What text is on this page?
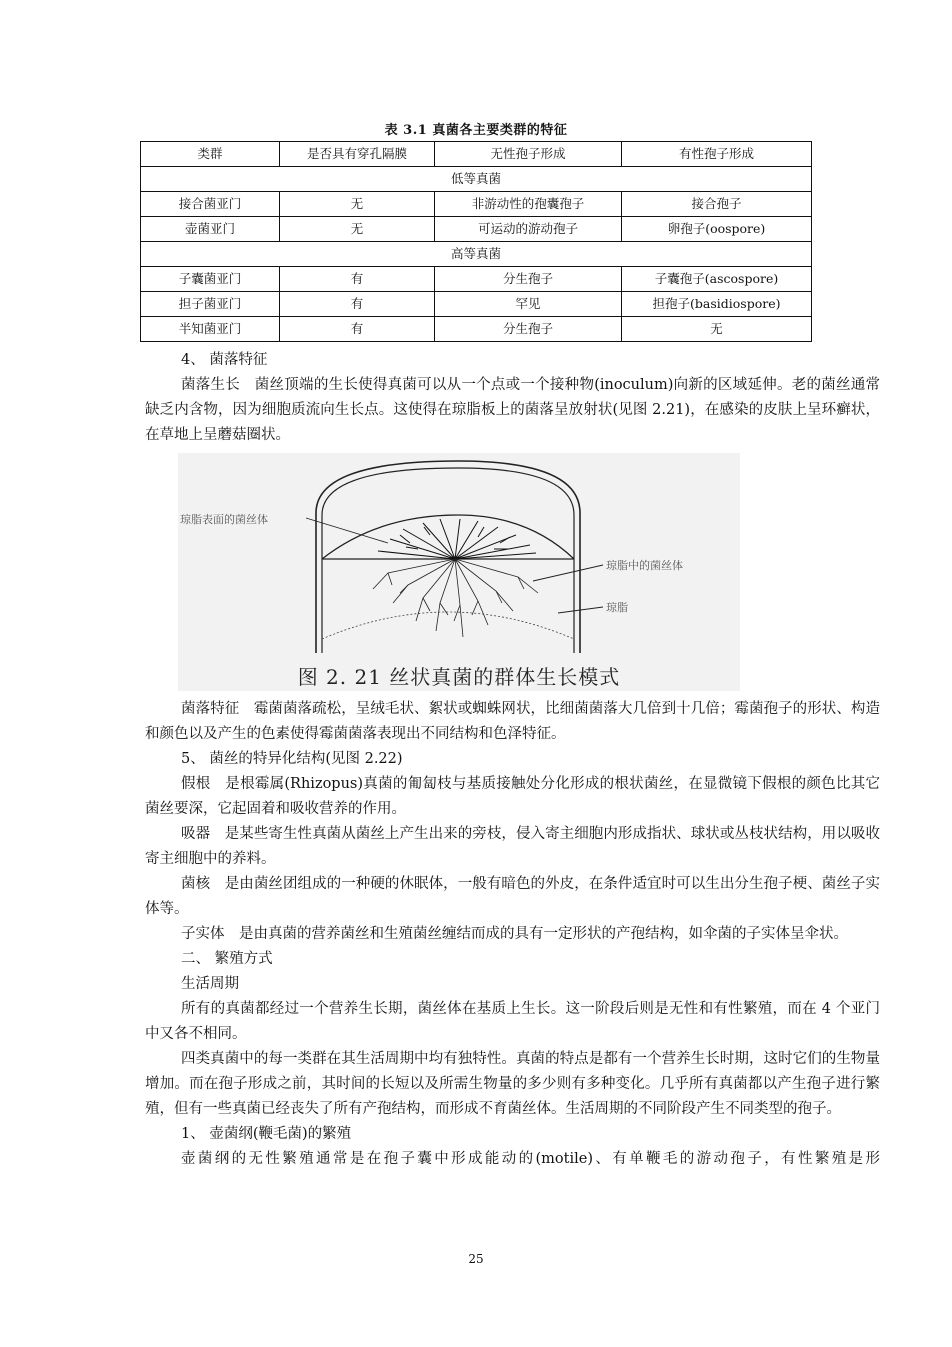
表 3.1 真菌各主要类群的特征
类群	是否具有穿孔隔膜	无性孢子形成	有性孢子形成
低等真菌			
接合菌亚门	无	非游动性的孢囊孢子	接合孢子
壶菌亚门	无	可运动的游动孢子	卵孢子(oospore)
高等真菌			
子囊菌亚门	有	分生孢子	子囊孢子(ascospore)
担子菌亚门	有	罕见	担孢子(basidiospore)
半知菌亚门	有	分生孢子	无

4、 菌落特征

菌落生长　菌丝顶端的生长使得真菌可以从一个点或一个接种物(inoculum)向新的区域延伸。老的菌丝通常缺乏内含物，因为细胞质流向生长点。这使得在琼脂板上的菌落呈放射状(见图 2.21)，在感染的皮肤上呈环癣状，在草地上呈蘑菇圈状。

琼脂表面的菌丝体
琼脂中的菌丝体
琼脂
图 2. 21 丝状真菌的群体生长模式

菌落特征　霉菌菌落疏松，呈绒毛状、絮状或蜘蛛网状，比细菌菌落大几倍到十几倍；霉菌孢子的形状、构造和颜色以及产生的色素使得霉菌菌落表现出不同结构和色泽特征。

5、 菌丝的特异化结构(见图 2.22)

假根　是根霉属(Rhizopus)真菌的匍匐枝与基质接触处分化形成的根状菌丝，在显微镜下假根的颜色比其它菌丝要深，它起固着和吸收营养的作用。

吸器　是某些寄生性真菌从菌丝上产生出来的旁枝，侵入寄主细胞内形成指状、球状或丛枝状结构，用以吸收寄主细胞中的养料。

菌核　是由菌丝团组成的一种硬的休眠体，一般有暗色的外皮，在条件适宜时可以生出分生孢子梗、菌丝子实体等。

子实体　是由真菌的营养菌丝和生殖菌丝缠结而成的具有一定形状的产孢结构，如伞菌的子实体呈伞状。

二、 繁殖方式

生活周期

所有的真菌都经过一个营养生长期，菌丝体在基质上生长。这一阶段后则是无性和有性繁殖，而在 4 个亚门中又各不相同。

四类真菌中的每一类群在其生活周期中均有独特性。真菌的特点是都有一个营养生长时期，这时它们的生物量增加。而在孢子形成之前，其时间的长短以及所需生物量的多少则有多种变化。几乎所有真菌都以产生孢子进行繁殖，但有一些真菌已经丧失了所有产孢结构，而形成不育菌丝体。生活周期的不同阶段产生不同类型的孢子。

1、 壶菌纲(鞭毛菌)的繁殖

壶菌纲的无性繁殖通常是在孢子囊中形成能动的(motile)、有单鞭毛的游动孢子，有性繁殖是形

25
